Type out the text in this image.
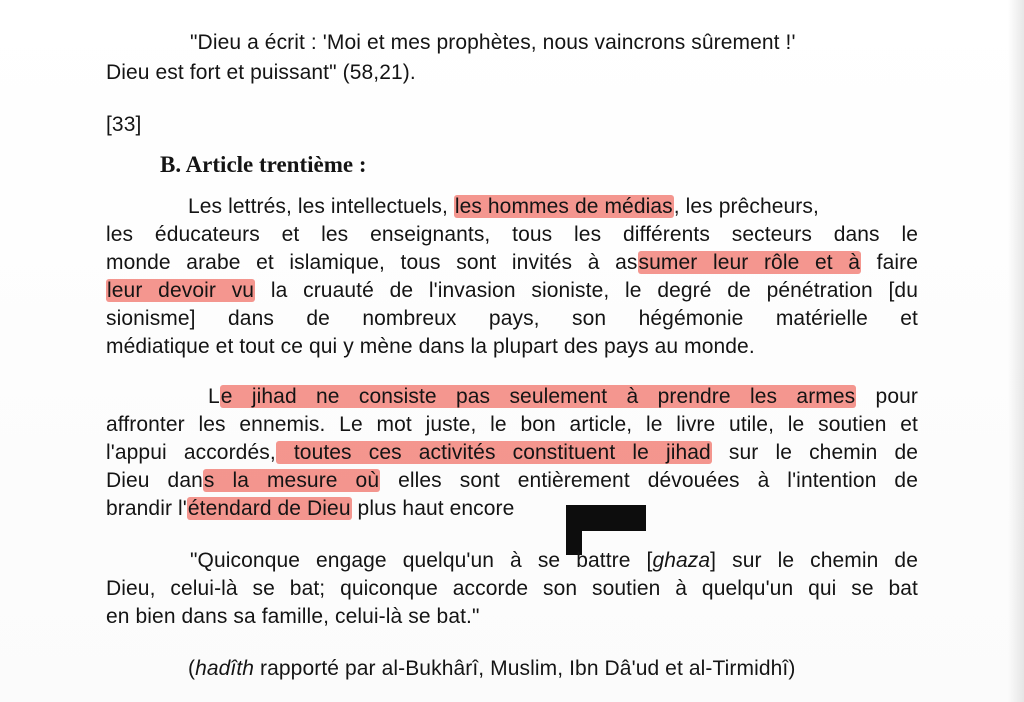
"Dieu a écrit : 'Moi et mes prophètes, nous vaincrons sûrement !'
Dieu est fort et puissant" (58,21).
[33]
B. Article trentième :
Les lettrés, les intellectuels, les hommes de médias, les prêcheurs,
les éducateurs et les enseignants, tous les différents secteurs dans le
monde arabe et islamique, tous sont invités à assumer leur rôle et à faire
leur devoir vu la cruauté de l'invasion sioniste, le degré de pénétration [du
sionisme] dans de nombreux pays, son hégémonie matérielle et
médiatique et tout ce qui y mène dans la plupart des pays au monde.
Le jihad ne consiste pas seulement à prendre les armes pour
affronter les ennemis. Le mot juste, le bon article, le livre utile, le soutien et
l'appui accordés, toutes ces activités constituent le jihad sur le chemin de
Dieu dans la mesure où elles sont entièrement dévouées à l'intention de
brandir l'étendard de Dieu plus haut encore
"Quiconque engage quelqu'un à se battre [ghaza] sur le chemin de
Dieu, celui-là se bat; quiconque accorde son soutien à quelqu'un qui se bat
en bien dans sa famille, celui-là se bat."
(hadîth rapporté par al-Bukhârî, Muslim, Ibn Dâ'ud et al-Tirmidhî)
